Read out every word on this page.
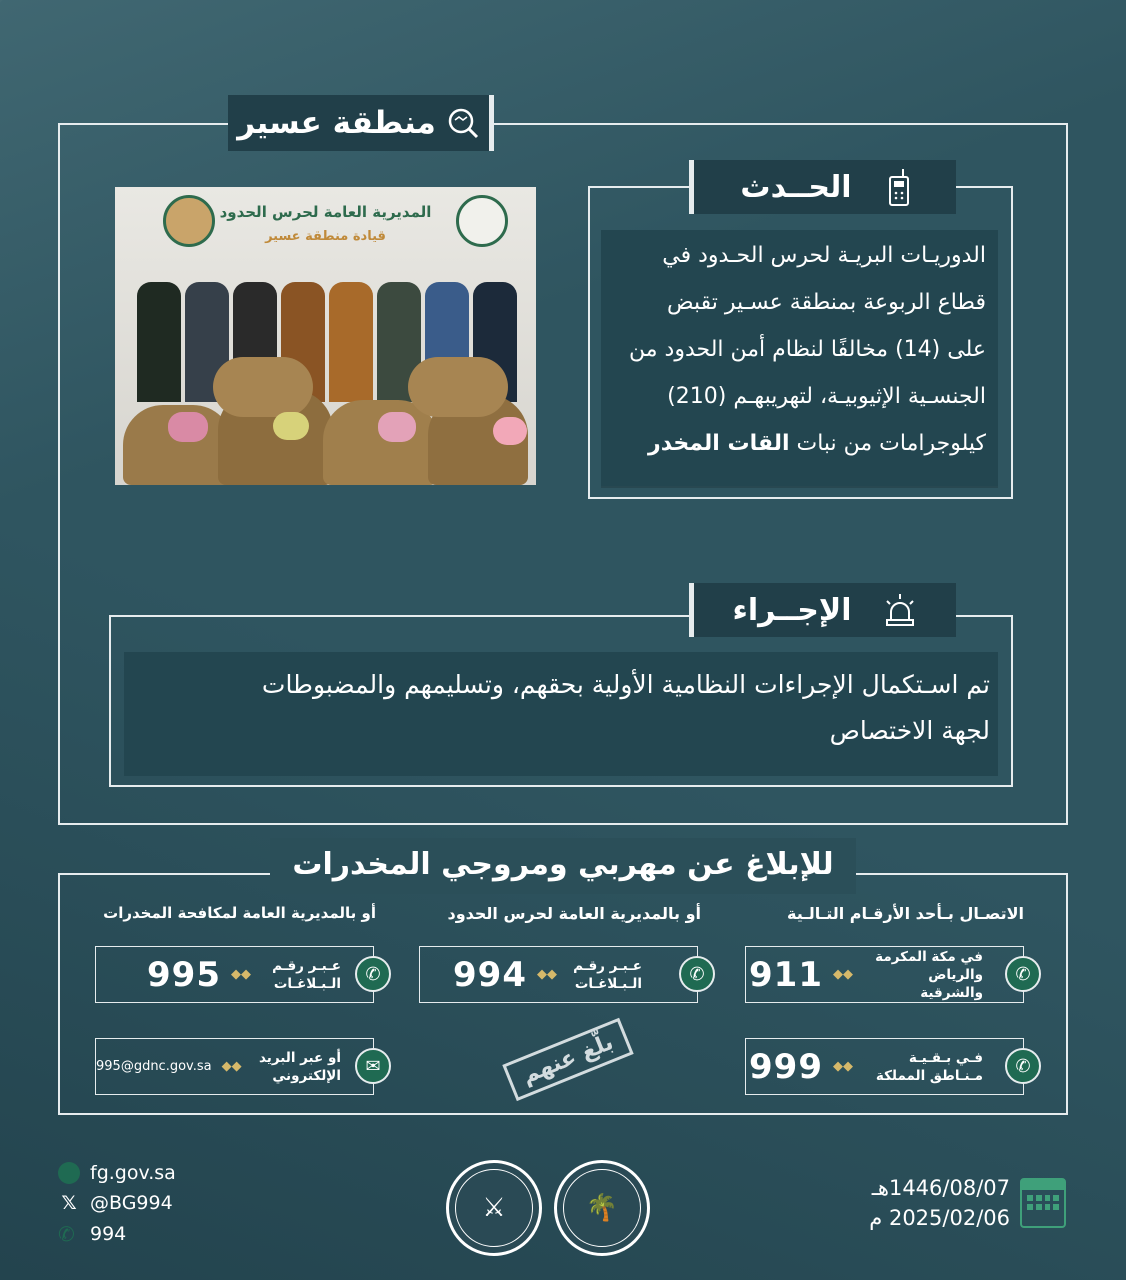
منطقة عسير
المديرية العامة لحرس الحدود
قيادة منطقة عسير
الحــدث
الدوريـات البريـة لحرس الحـدود في
قطاع الربوعة بمنطقة عسـير تقبض
على (14) مخالفًا لنظام أمن الحدود من
الجنسـية الإثيوبيـة، لتهريبهـم (210)
كيلوجرامات من نبات القات المخدر
الإجــراء
تم اسـتكمال الإجراءات النظامية الأولية بحقهم، وتسليمهم والمضبوطات
لجهة الاختصاص
للإبلاغ عن مهربي ومروجي المخدرات
الاتصـال بـأحد الأرقـام التـالـية
أو بالمديرية العامة لحرس الحدود
أو بالمديرية العامة لمكافحة المخدرات
في مكة المكرمة
والرياض والشرقية
◆◆
911	✆
فـي بـقـيـة
مـنـاطق المملكة
◆◆
999	✆
عـبـر رقـم
الـبـلاغـات
◆◆
994	✆
عـبـر رقـم
الـبـلاغـات
◆◆
995	✆
أو عبر البريد
الإلكتروني
◆◆
995@gdnc.gov.sa	✉	بلّغ عنهم
fg.gov.sa
𝕏 @BG994
✆ 994
⚔	🌴
1446/08/07هـ
2025/02/06 م
